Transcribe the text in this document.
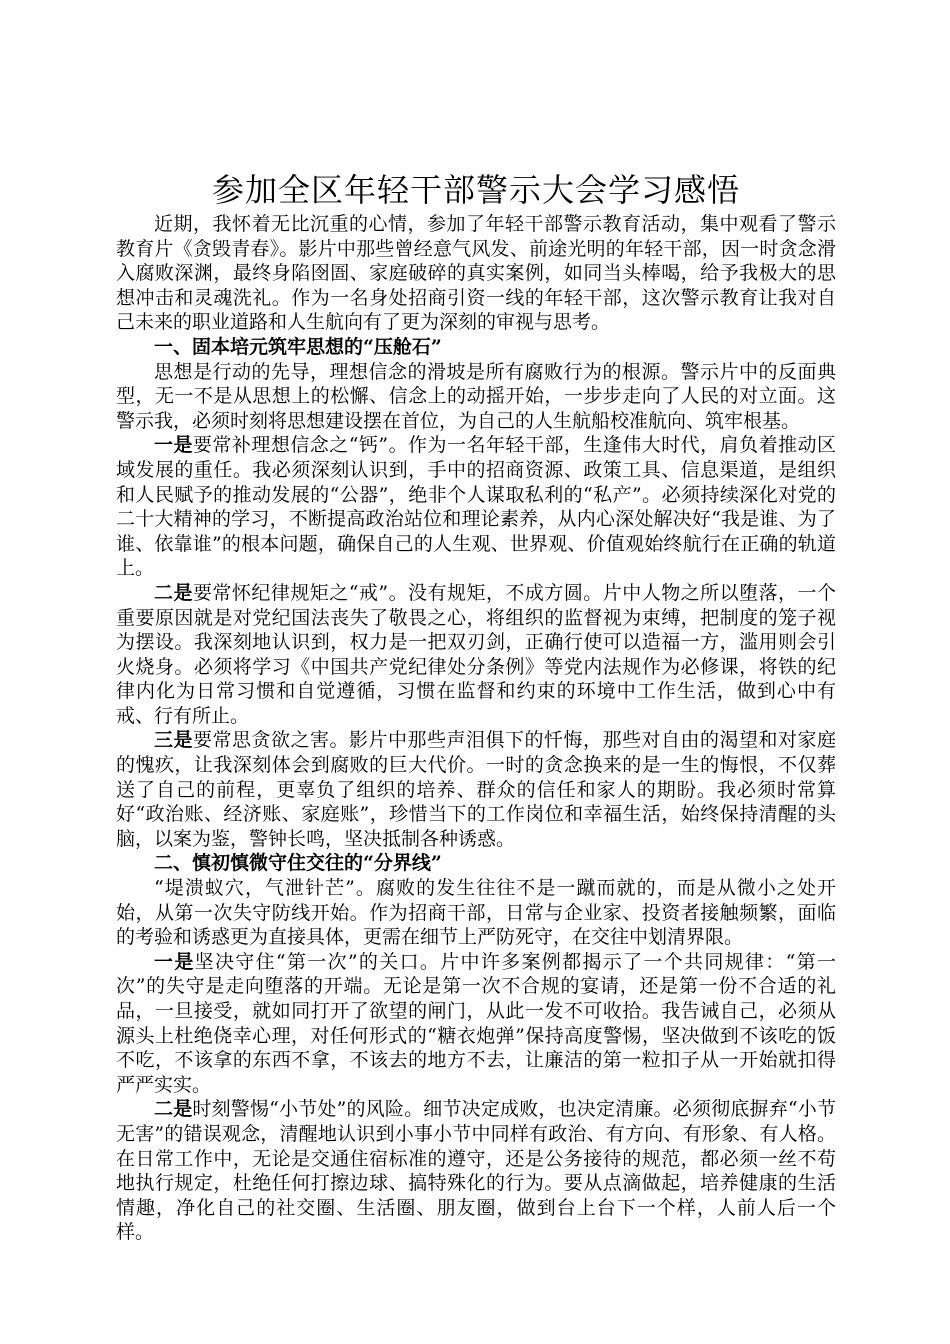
参加全区年轻干部警示大会学习感悟

近期，我怀着无比沉重的心情，参加了年轻干部警示教育活动，集中观看了警示教育片《贪毁青春》。影片中那些曾经意气风发、前途光明的年轻干部，因一时贪念滑入腐败深渊，最终身陷囹圄、家庭破碎的真实案例，如同当头棒喝，给予我极大的思想冲击和灵魂洗礼。作为一名身处招商引资一线的年轻干部，这次警示教育让我对自己未来的职业道路和人生航向有了更为深刻的审视与思考。

一、固本培元筑牢思想的“压舱石”

思想是行动的先导，理想信念的滑坡是所有腐败行为的根源。警示片中的反面典型，无一不是从思想上的松懈、信念上的动摇开始，一步步走向了人民的对立面。这警示我，必须时刻将思想建设摆在首位，为自己的人生航船校准航向、筑牢根基。

一是要常补理想信念之“钙”。作为一名年轻干部，生逢伟大时代，肩负着推动区域发展的重任。我必须深刻认识到，手中的招商资源、政策工具、信息渠道，是组织和人民赋予的推动发展的“公器”，绝非个人谋取私利的“私产”。必须持续深化对党的二十大精神的学习，不断提高政治站位和理论素养，从内心深处解决好“我是谁、为了谁、依靠谁”的根本问题，确保自己的人生观、世界观、价值观始终航行在正确的轨道上。

二是要常怀纪律规矩之“戒”。没有规矩，不成方圆。片中人物之所以堕落，一个重要原因就是对党纪国法丧失了敬畏之心，将组织的监督视为束缚，把制度的笼子视为摆设。我深刻地认识到，权力是一把双刃剑，正确行使可以造福一方，滥用则会引火烧身。必须将学习《中国共产党纪律处分条例》等党内法规作为必修课，将铁的纪律内化为日常习惯和自觉遵循，习惯在监督和约束的环境中工作生活，做到心中有戒、行有所止。

三是要常思贪欲之害。影片中那些声泪俱下的忏悔，那些对自由的渴望和对家庭的愧疚，让我深刻体会到腐败的巨大代价。一时的贪念换来的是一生的悔恨，不仅葬送了自己的前程，更辜负了组织的培养、群众的信任和家人的期盼。我必须时常算好“政治账、经济账、家庭账”，珍惜当下的工作岗位和幸福生活，始终保持清醒的头脑，以案为鉴，警钟长鸣，坚决抵制各种诱惑。

二、慎初慎微守住交往的“分界线”

“堤溃蚁穴，气泄针芒”。腐败的发生往往不是一蹴而就的，而是从微小之处开始，从第一次失守防线开始。作为招商干部，日常与企业家、投资者接触频繁，面临的考验和诱惑更为直接具体，更需在细节上严防死守，在交往中划清界限。

一是坚决守住“第一次”的关口。片中许多案例都揭示了一个共同规律：“第一次”的失守是走向堕落的开端。无论是第一次不合规的宴请，还是第一份不合适的礼品，一旦接受，就如同打开了欲望的闸门，从此一发不可收拾。我告诫自己，必须从源头上杜绝侥幸心理，对任何形式的“糖衣炮弹”保持高度警惕，坚决做到不该吃的饭不吃，不该拿的东西不拿，不该去的地方不去，让廉洁的第一粒扣子从一开始就扣得严严实实。

二是时刻警惕“小节处”的风险。细节决定成败，也决定清廉。必须彻底摒弃“小节无害”的错误观念，清醒地认识到小事小节中同样有政治、有方向、有形象、有人格。在日常工作中，无论是交通住宿标准的遵守，还是公务接待的规范，都必须一丝不苟地执行规定，杜绝任何打擦边球、搞特殊化的行为。要从点滴做起，培养健康的生活情趣，净化自己的社交圈、生活圈、朋友圈，做到台上台下一个样，人前人后一个样。
